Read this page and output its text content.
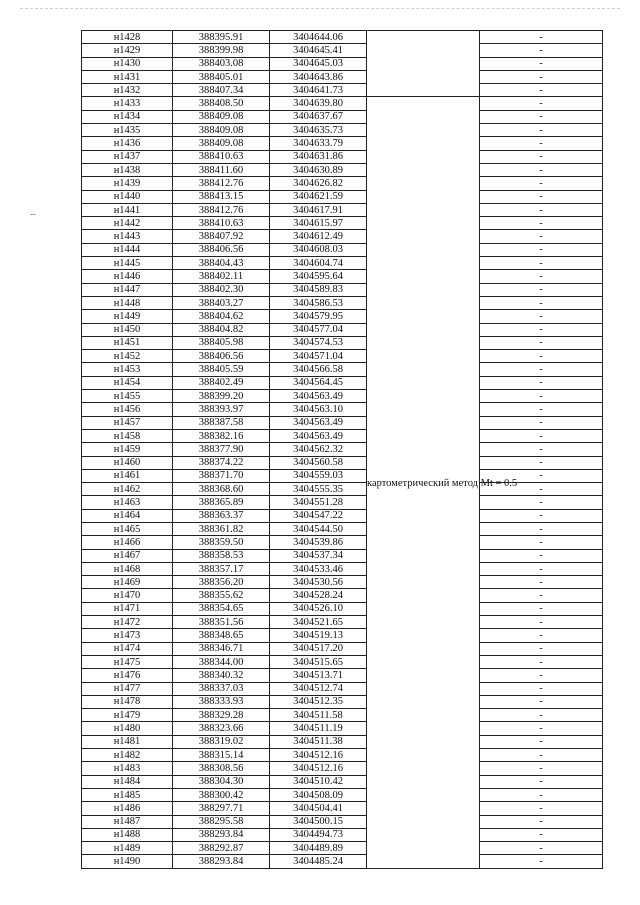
н1428	388395.91	3404644.06		-
н1429	388399.98	3404645.41		-
н1430	388403.08	3404645.03		-
н1431	388405.01	3404643.86		-
н1432	388407.34	3404641.73		-
н1433	388408.50	3404639.80	картометрический метод Mt = 0.5	-
н1434	388409.08	3404637.67		-
н1435	388409.08	3404635.73		-
н1436	388409.08	3404633.79		-
н1437	388410.63	3404631.86		-
н1438	388411.60	3404630.89		-
н1439	388412.76	3404626.82		-
н1440	388413.15	3404621.59		-
н1441	388412.76	3404617.91		-
н1442	388410.63	3404615.97		-
н1443	388407.92	3404612.49		-
н1444	388406.56	3404608.03		-
н1445	388404.43	3404604.74		-
н1446	388402.11	3404595.64		-
н1447	388402.30	3404589.83		-
н1448	388403.27	3404586.53		-
н1449	388404.62	3404579.95		-
н1450	388404.82	3404577.04		-
н1451	388405.98	3404574.53		-
н1452	388406.56	3404571.04		-
н1453	388405.59	3404566.58		-
н1454	388402.49	3404564.45		-
н1455	388399.20	3404563.49		-
н1456	388393.97	3404563.10		-
н1457	388387.58	3404563.49		-
н1458	388382.16	3404563.49		-
н1459	388377.90	3404562.32		-
н1460	388374.22	3404560.58		-
н1461	388371.70	3404559.03		-
н1462	388368.60	3404555.35		-
н1463	388365.89	3404551.28		-
н1464	388363.37	3404547.22		-
н1465	388361.82	3404544.50		-
н1466	388359.50	3404539.86		-
н1467	388358.53	3404537.34		-
н1468	388357.17	3404533.46		-
н1469	388356.20	3404530.56		-
н1470	388355.62	3404528.24		-
н1471	388354.65	3404526.10		-
н1472	388351.56	3404521.65		-
н1473	388348.65	3404519.13		-
н1474	388346.71	3404517.20		-
н1475	388344.00	3404515.65		-
н1476	388340.32	3404513.71		-
н1477	388337.03	3404512.74		-
н1478	388333.93	3404512.35		-
н1479	388329.28	3404511.58		-
н1480	388323.66	3404511.19		-
н1481	388319.02	3404511.38		-
н1482	388315.14	3404512.16		-
н1483	388308.56	3404512.16		-
н1484	388304.30	3404510.42		-
н1485	388300.42	3404508.09		-
н1486	388297.71	3404504.41		-
н1487	388295.58	3404500.15		-
н1488	388293.84	3404494.73		-
н1489	388292.87	3404489.89		-
н1490	388293.84	3404485.24		-
